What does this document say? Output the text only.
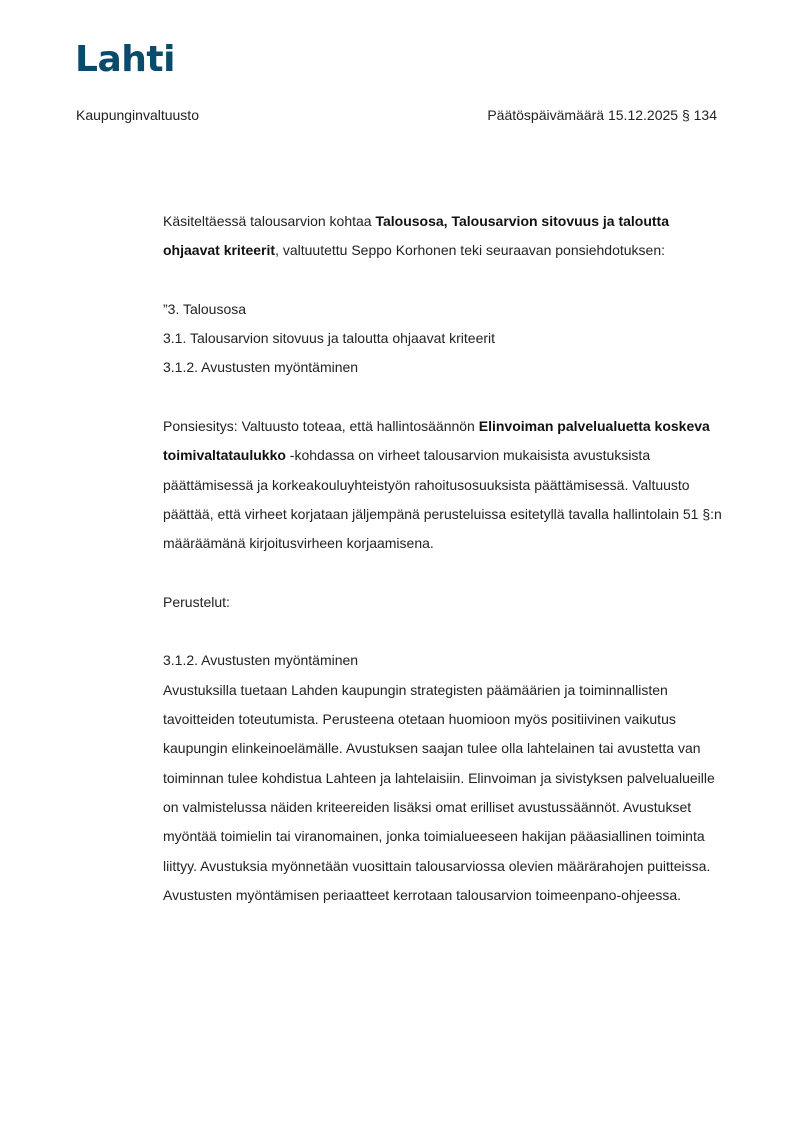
Lahti
Kaupunginvaltuusto	Päätöspäivämäärä 15.12.2025 § 134

Käsiteltäessä talousarvion kohtaa Talousosa, Talousarvion sitovuus ja taloutta ohjaavat kriteerit, valtuutettu Seppo Korhonen teki seuraavan ponsiehdotuksen:

”3. Talousosa

3.1. Talousarvion sitovuus ja taloutta ohjaavat kriteerit

3.1.2. Avustusten myöntäminen

Ponsiesitys: Valtuusto toteaa, että hallintosäännön Elinvoiman palvelualuetta koskeva toimivaltataulukko -kohdassa on virheet talousarvion mukaisista avustuksista päättämisessä ja korkeakouluyhteistyön rahoitusosuuksista päättämisessä. Valtuusto päättää, että virheet korjataan jäljempänä perusteluissa esitetyllä tavalla hallintolain 51 §:n määräämänä kirjoitusvirheen korjaamisena.

Perustelut:

3.1.2. Avustusten myöntäminen

Avustuksilla tuetaan Lahden kaupungin strategisten päämäärien ja toiminnallisten tavoitteiden toteutumista. Perusteena otetaan huomioon myös positiivinen vaikutus kaupungin elinkeinoelämälle. Avustuksen saajan tulee olla lahtelainen tai avustetta van toiminnan tulee kohdistua Lahteen ja lahtelaisiin. Elinvoiman ja sivistyksen palvelualueille on valmistelussa näiden kriteereiden lisäksi omat erilliset avustussäännöt. Avustukset myöntää toimielin tai viranomainen, jonka toimialueeseen hakijan pääasiallinen toiminta liittyy. Avustuksia myönnetään vuosittain talousarviossa olevien määrärahojen puitteissa. Avustusten myöntämisen periaatteet kerrotaan talousarvion toimeenpano-ohjeessa.
